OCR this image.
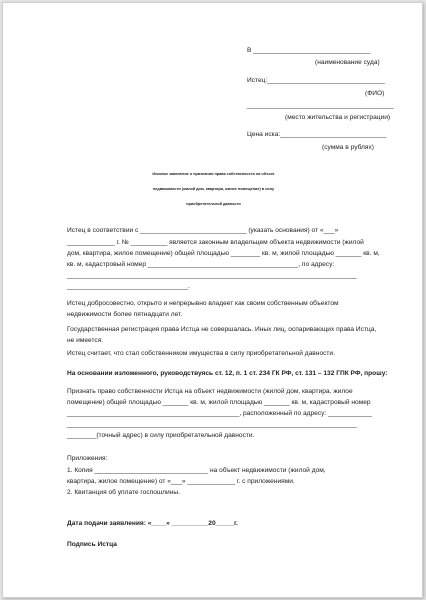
В ________________________________
(наименование суда)
Истец:________________________________
(ФИО)
________________________________________
(место жительства и регистрации)
Цена иска:_____________________________
(сумма в рублях)
Исковое заявление о признании права собственности на объект
недвижимости (жилой дом, квартира, жилое помещение) в силу
приобретательной давности
Истец в соответствии с _____________________________ (указать основания) от «___»
_____________ г. № __________ является законным владельцем объекта недвижимости (жилой
дом, квартира, жилое помещение) общей площадью ________ кв. м, жилой площадью _______ кв. м,
кв. м, кадастровый номер _________________________________________, по адресу:
_______________________________________________________________________________
_________________________________.
Истец добросовестно, открыто и непрерывно владеет как своим собственным объектом
недвижимости более пятнадцати лет.
Государственная регистрация права Истца не совершалась. Иных лиц, оспаривающих права Истца,
не имеется.
Истец считает, что стал собственником имущества в силу приобретательной давности.
На основании изложенного, руководствуясь ст. 12, п. 1 ст. 234 ГК РФ, ст. 131 – 132 ГПК РФ, прошу:
Признать право собственности Истца на объект недвижимости (жилой дом, квартира, жилое
помещение) общей площадью _______ кв. м, жилой площадью _______ кв. м, кадастровый номер
_______________________________________________, расположенный по адресу: ____________
_______________________________________________________________________________
________(точный адрес) в силу приобретательной давности.
Приложения:
1. Копия _______________________________ на объект недвижимости (жилой дом,
квартира, жилое помещение) от «___» _____________ г. с приложениями.
2. Квитанция об уплате госпошлины.
Дата подачи заявления: «____» __________20_____г.
Подпись Истца
